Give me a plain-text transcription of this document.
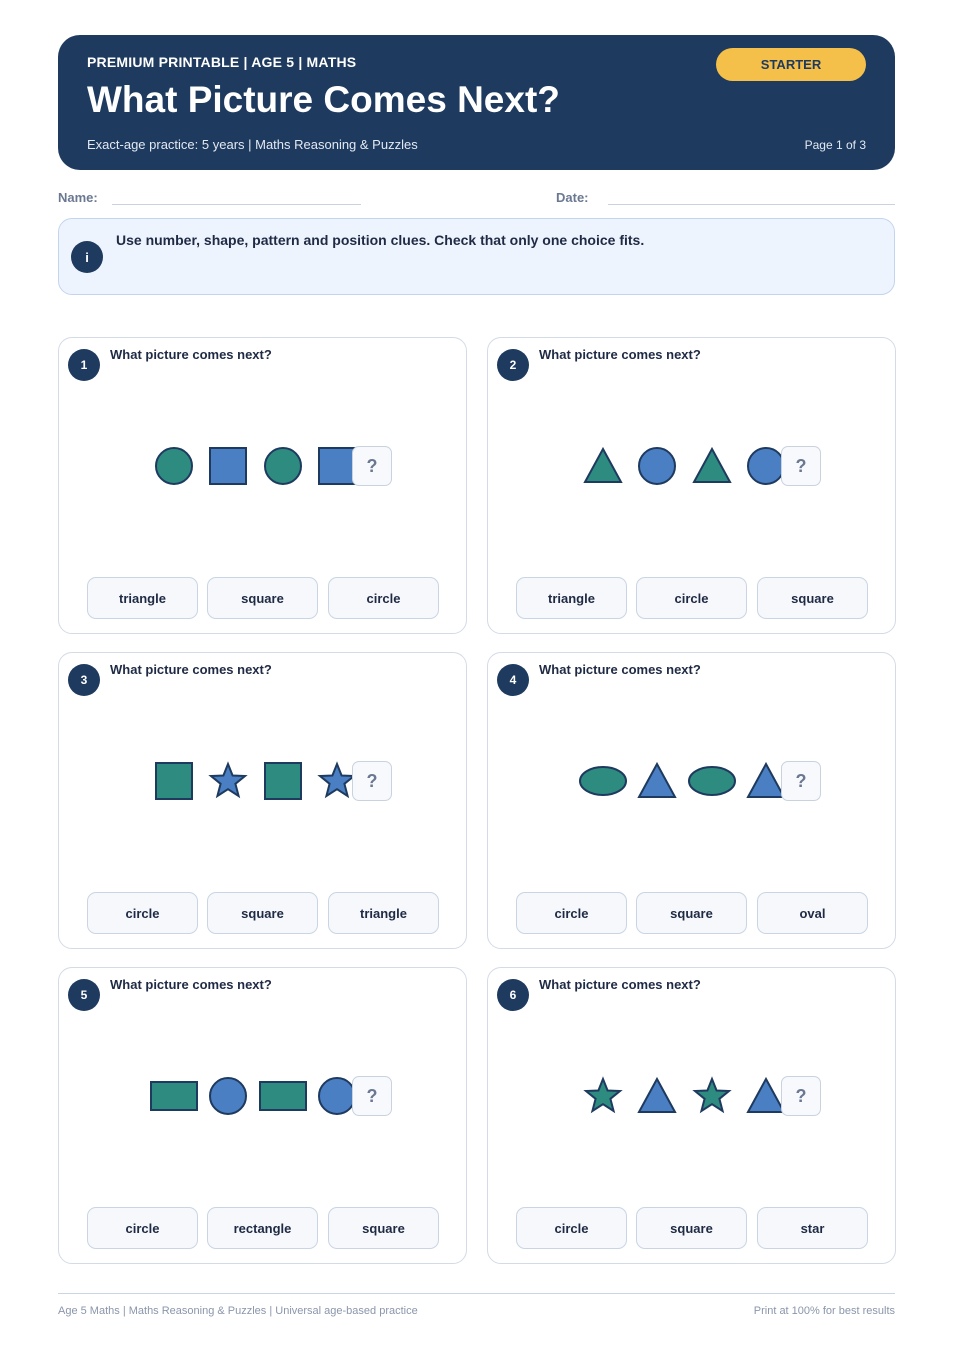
PREMIUM PRINTABLE | AGE 5 | MATHS
What Picture Comes Next?
Exact-age practice: 5 years | Maths Reasoning & Puzzles	Page 1 of 3
STARTER
Name:	Date:
i
Use number, shape, pattern and position clues. Check that only one choice fits.
1
What picture comes next?
?
triangle	square	circle
2
What picture comes next?
?
triangle	circle	square
3
What picture comes next?
?
circle	square	triangle
4
What picture comes next?
?
circle	square	oval
5
What picture comes next?
?
circle	rectangle	square
6
What picture comes next?
?
circle	square	star
Age 5 Maths | Maths Reasoning & Puzzles | Universal age-based practice	Print at 100% for best results
